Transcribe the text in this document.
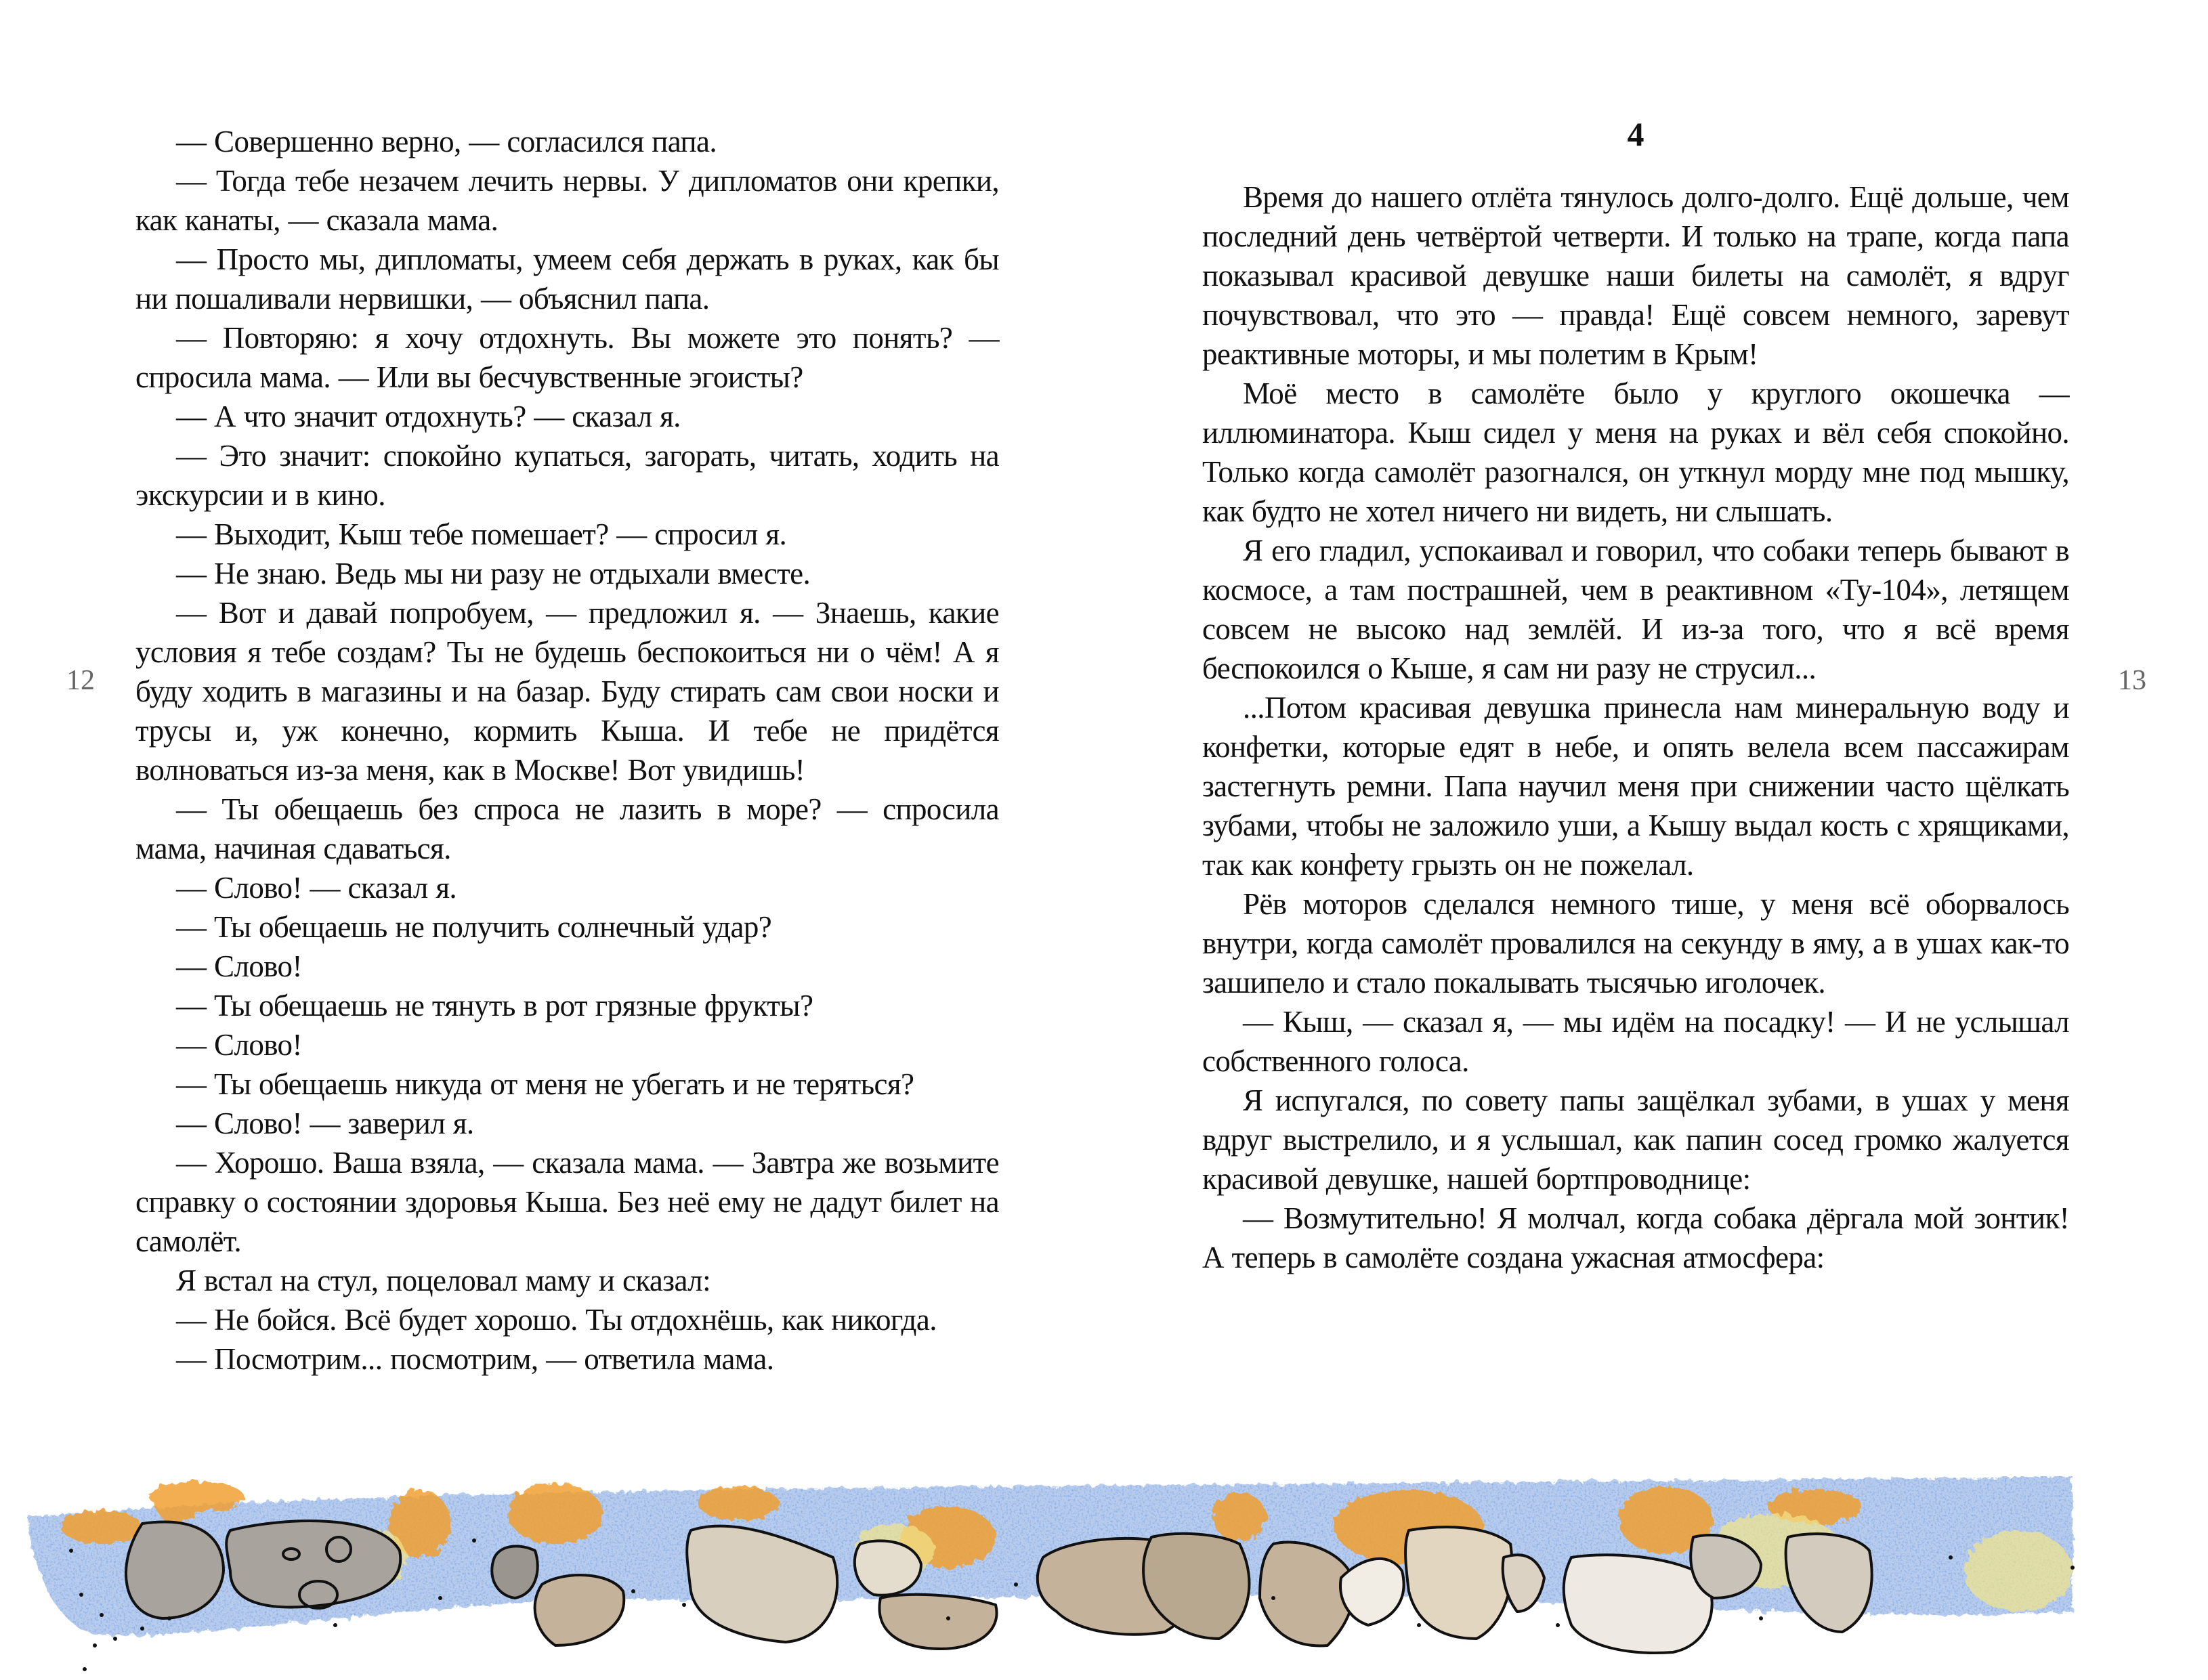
— Совершенно верно, — согласился папа.

— Тогда тебе незачем лечить нервы. У дипломатов они крепки, как канаты, — сказала мама.

— Просто мы, дипломаты, умеем себя держать в руках, как бы ни пошаливали нервишки, — объяснил папа.

— Повторяю: я хочу отдохнуть. Вы можете это понять? — спросила мама. — Или вы бесчувственные эгоисты?

— А что значит отдохнуть? — сказал я.

— Это значит: спокойно купаться, загорать, читать, ходить на экскурсии и в кино.

— Выходит, Кыш тебе помешает? — спросил я.

— Не знаю. Ведь мы ни разу не отдыхали вместе.

— Вот и давай попробуем, — предложил я. — Знаешь, какие условия я тебе создам? Ты не будешь беспокоиться ни о чём! А я буду ходить в магазины и на базар. Буду стирать сам свои носки и трусы и, уж конечно, кормить Кыша. И тебе не придётся волноваться из-за меня, как в Москве! Вот увидишь!

— Ты обещаешь без спроса не лазить в море? — спросила мама, начиная сдаваться.

— Слово! — сказал я.

— Ты обещаешь не получить солнечный удар?

— Слово!

— Ты обещаешь не тянуть в рот грязные фрукты?

— Слово!

— Ты обещаешь никуда от меня не убегать и не теряться?

— Слово! — заверил я.

— Хорошо. Ваша взяла, — сказала мама. — Завтра же возьмите справку о состоянии здоровья Кыша. Без неё ему не дадут билет на самолёт.

Я встал на стул, поцеловал маму и сказал:

— Не бойся. Всё будет хорошо. Ты отдохнёшь, как никогда.

— Посмотрим... посмотрим, — ответила мама.

12
4

Время до нашего отлёта тянулось долго-долго. Ещё дольше, чем последний день четвёртой четверти. И только на трапе, когда папа показывал красивой девушке наши билеты на самолёт, я вдруг почувствовал, что это — правда! Ещё совсем немного, заревут реактивные моторы, и мы полетим в Крым!

Моё место в самолёте было у круглого окошечка — иллюминатора. Кыш сидел у меня на руках и вёл себя спокойно. Только когда самолёт разогнался, он уткнул морду мне под мышку, как будто не хотел ничего ни видеть, ни слышать.

Я его гладил, успокаивал и говорил, что собаки теперь бывают в космосе, а там пострашней, чем в реактивном «Ту-104», летящем совсем не высоко над землёй. И из-за того, что я всё время беспокоился о Кыше, я сам ни разу не струсил...

...Потом красивая девушка принесла нам минеральную воду и конфетки, которые едят в небе, и опять велела всем пассажирам застегнуть ремни. Папа научил меня при снижении часто щёлкать зубами, чтобы не заложило уши, а Кышу выдал кость с хрящиками, так как конфету грызть он не пожелал.

Рёв моторов сделался немного тише, у меня всё оборвалось внутри, когда самолёт провалился на секунду в яму, а в ушах как-то зашипело и стало покалывать тысячью иголочек.

— Кыш, — сказал я, — мы идём на посадку! — И не услышал собственного голоса.

Я испугался, по совету папы защёлкал зубами, в ушах у меня вдруг выстрелило, и я услышал, как папин сосед громко жалуется красивой девушке, нашей бортпроводнице:

— Возмутительно! Я молчал, когда собака дёргала мой зонтик! А теперь в самолёте создана ужасная атмосфера:

13
